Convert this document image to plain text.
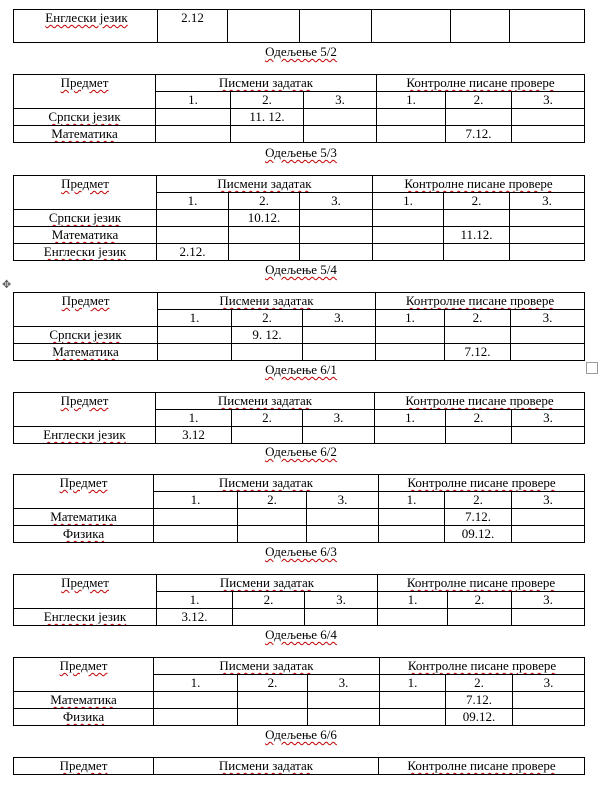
Енглески језик	2.12					
Одељење 5/2
Предмет	Писмени задатак			Контролне писане провере		
	1.	2.	3.	1.	2.	3.
Српски језик		11. 12.				
Математика					7.12.	
Одељење 5/3
Предмет	Писмени задатак			Контролне писане провере		
	1.	2.	3.	1.	2.	3.
Српски језик		10.12.				
Математика					11.12.	
Енглески језик	2.12.					
Одељење 5/4
✥
Предмет	Писмени задатак			Контролне писане провере		
	1.	2.	3.	1.	2.	3.
Српски језик		9. 12.				
Математика					7.12.	
Одељење 6/1
Предмет	Писмени задатак			Контролне писане провере		
	1.	2.	3.	1.	2.	3.
Енглески језик	3.12					
Одељење 6/2
Предмет	Писмени задатак			Контролне писане провере		
	1.	2.	3.	1.	2.	3.
Математика					7.12.	
Физика					09.12.	
Одељење 6/3
Предмет	Писмени задатак			Контролне писане провере		
	1.	2.	3.	1.	2.	3.
Енглески језик	3.12.					
Одељење 6/4
Предмет	Писмени задатак			Контролне писане провере		
	1.	2.	3.	1.	2.	3.
Математика					7.12.	
Физика					09.12.	
Одељење 6/6
Предмет	Писмени задатак	Контролне писане провере
